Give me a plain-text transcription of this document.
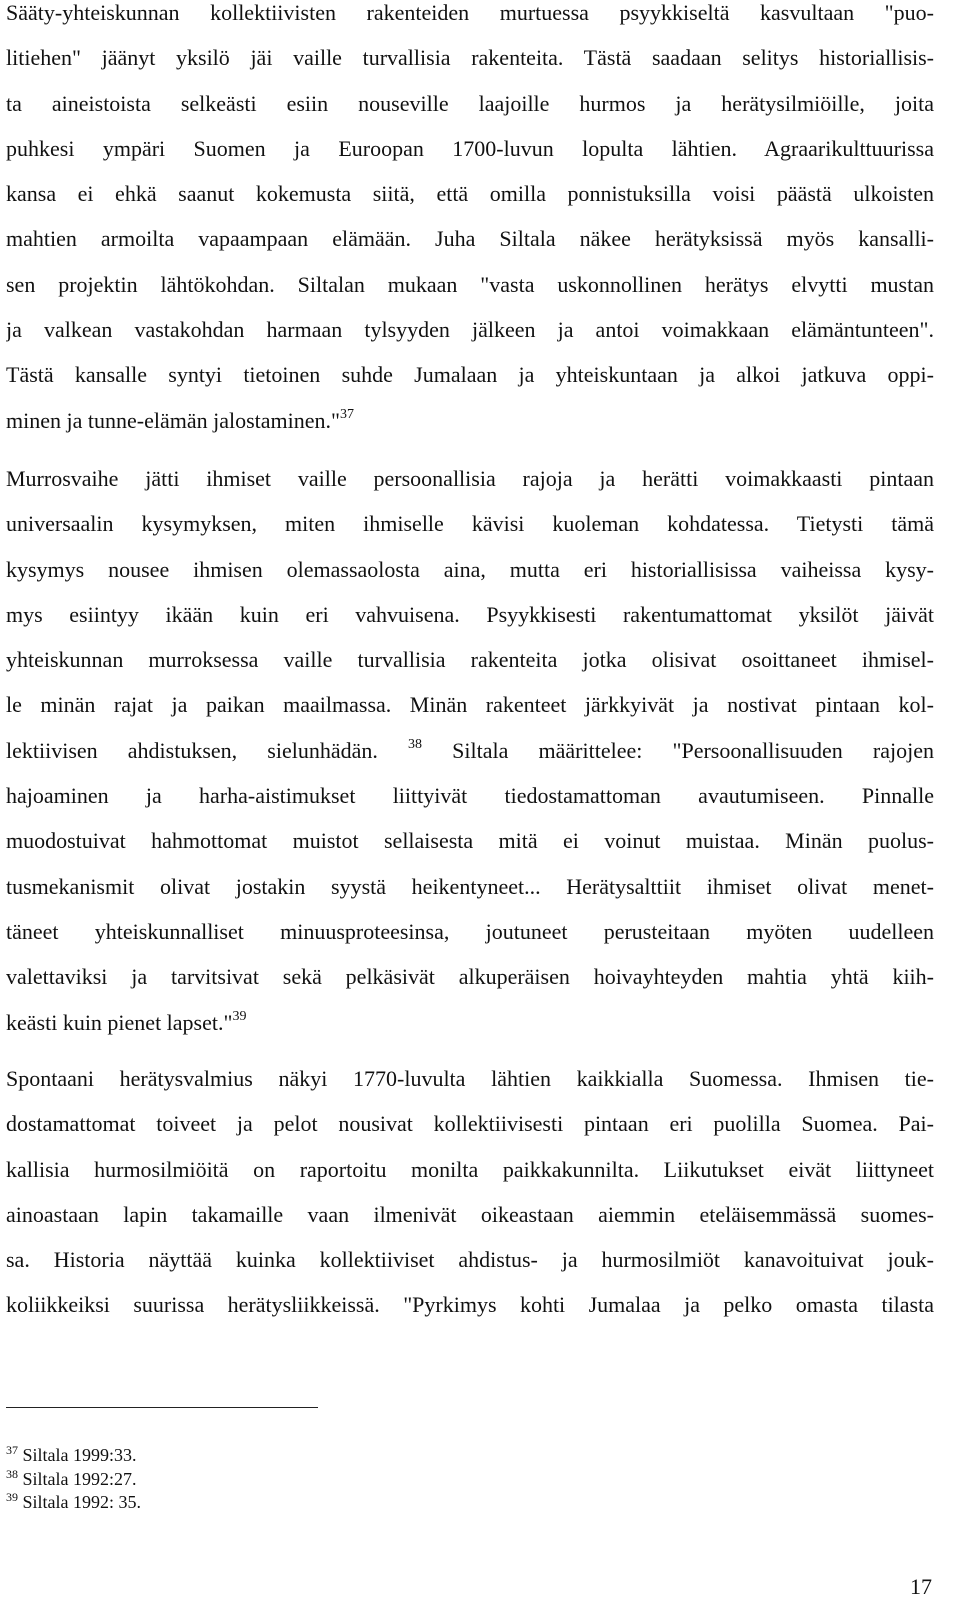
Sääty-yhteiskunnan kollektiivisten rakenteiden murtuessa psyykkiseltä kasvultaan "puo-
litiehen" jäänyt yksilö jäi vaille turvallisia rakenteita. Tästä saadaan selitys historiallisis-
ta aineistoista selkeästi esiin nouseville laajoille hurmos ja herätysilmiöille, joita
puhkesi ympäri Suomen ja Euroopan 1700-luvun lopulta lähtien. Agraarikulttuurissa
kansa ei ehkä saanut kokemusta siitä, että omilla ponnistuksilla voisi päästä ulkoisten
mahtien armoilta vapaampaan elämään. Juha Siltala näkee herätyksissä myös kansalli-
sen projektin lähtökohdan. Siltalan mukaan "vasta uskonnollinen herätys elvytti mustan
ja valkean vastakohdan harmaan tylsyyden jälkeen ja antoi voimakkaan elämäntunteen".
Tästä kansalle syntyi tietoinen suhde Jumalaan ja yhteiskuntaan ja alkoi jatkuva oppi-
minen ja tunne-elämän jalostaminen."$^{37}$

Murrosvaihe jätti ihmiset vaille persoonallisia rajoja ja herätti voimakkaasti pintaan
universaalin kysymyksen, miten ihmiselle kävisi kuoleman kohdatessa. Tietysti tämä
kysymys nousee ihmisen olemassaolosta aina, mutta eri historiallisissa vaiheissa kysy-
mys esiintyy ikään kuin eri vahvuisena. Psyykkisesti rakentumattomat yksilöt jäivät
yhteiskunnan murroksessa vaille turvallisia rakenteita jotka olisivat osoittaneet ihmisel-
le minän rajat ja paikan maailmassa. Minän rakenteet järkkyivät ja nostivat pintaan kol-
lektiivisen ahdistuksen, sielunhädän. $^{38}$ Siltala määrittelee: "Persoonallisuuden rajojen
hajoaminen ja harha-aistimukset liittyivät tiedostamattoman avautumiseen. Pinnalle
muodostuivat hahmottomat muistot sellaisesta mitä ei voinut muistaa. Minän puolus-
tusmekanismit olivat jostakin syystä heikentyneet... Herätysalttiit ihmiset olivat menet-
täneet yhteiskunnalliset minuusproteesinsa, joutuneet perusteitaan myöten uudelleen
valettaviksi ja tarvitsivat sekä pelkäsivät alkuperäisen hoivayhteyden mahtia yhtä kiih-
keästi kuin pienet lapset."$^{39}$

Spontaani herätysvalmius näkyi 1770-luvulta lähtien kaikkialla Suomessa. Ihmisen tie-
dostamattomat toiveet ja pelot nousivat kollektiivisesti pintaan eri puolilla Suomea. Pai-
kallisia hurmosilmiöitä on raportoitu monilta paikkakunnilta. Liikutukset eivät liittyneet
ainoastaan lapin takamaille vaan ilmenivät oikeastaan aiemmin eteläisemmässä suomes-
sa. Historia näyttää kuinka kollektiiviset ahdistus- ja hurmosilmiöt kanavoituivat jouk-
koliikkeiksi suurissa herätysliikkeissä. "Pyrkimys kohti Jumalaa ja pelko omasta tilasta

$^{37}$ Siltala 1999:33.
$^{38}$ Siltala 1992:27.
$^{39}$ Siltala 1992: 35.
17
